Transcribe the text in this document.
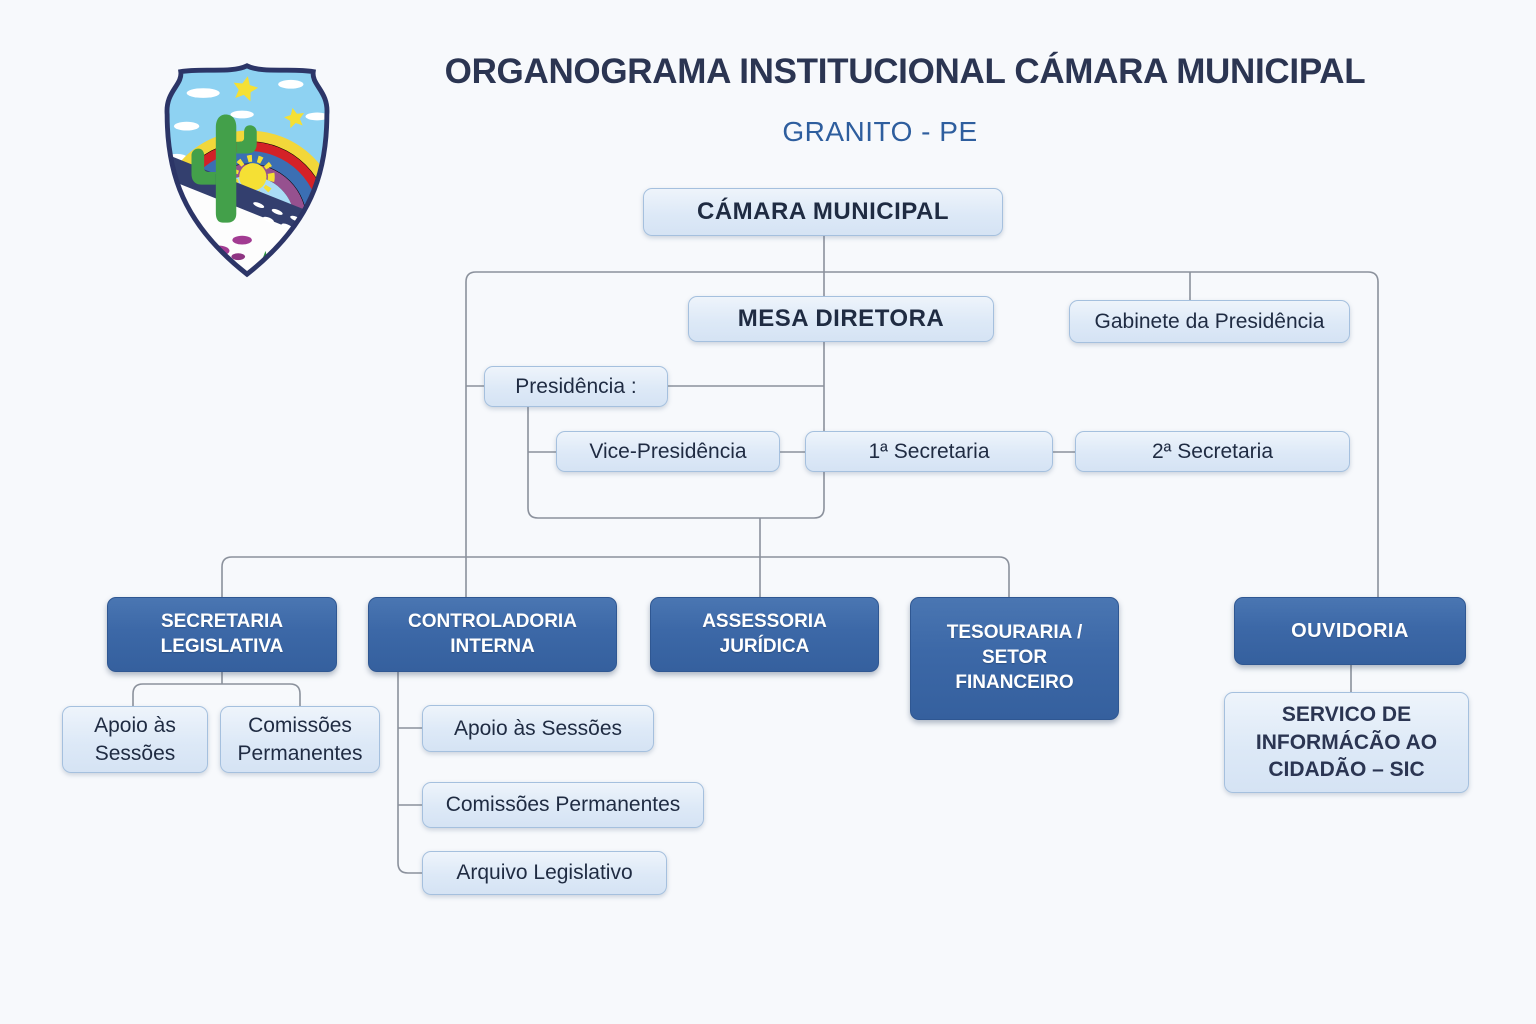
ORGANOGRAMA INSTITUCIONAL CÁMARA MUNICIPAL
GRANITO - PE
CÁMARA MUNICIPAL
MESA DIRETORA	Gabinete da Presidência
Presidência :
Vice-Presidência	1ª Secretaria	2ª Secretaria
SECRETARIA LEGISLATIVA
CONTROLADORIA INTERNA
ASSESSORIA JURÍDICA
TESOURARIA / SETOR FINANCEIRO
OUVIDORIA
Apoio às Sessões
Comissões Permanentes
Apoio às Sessões
Comissões Permanentes
Arquivo Legislativo
SERVICO DE INFORMÁCÃO AO CIDADÃO – SIC
